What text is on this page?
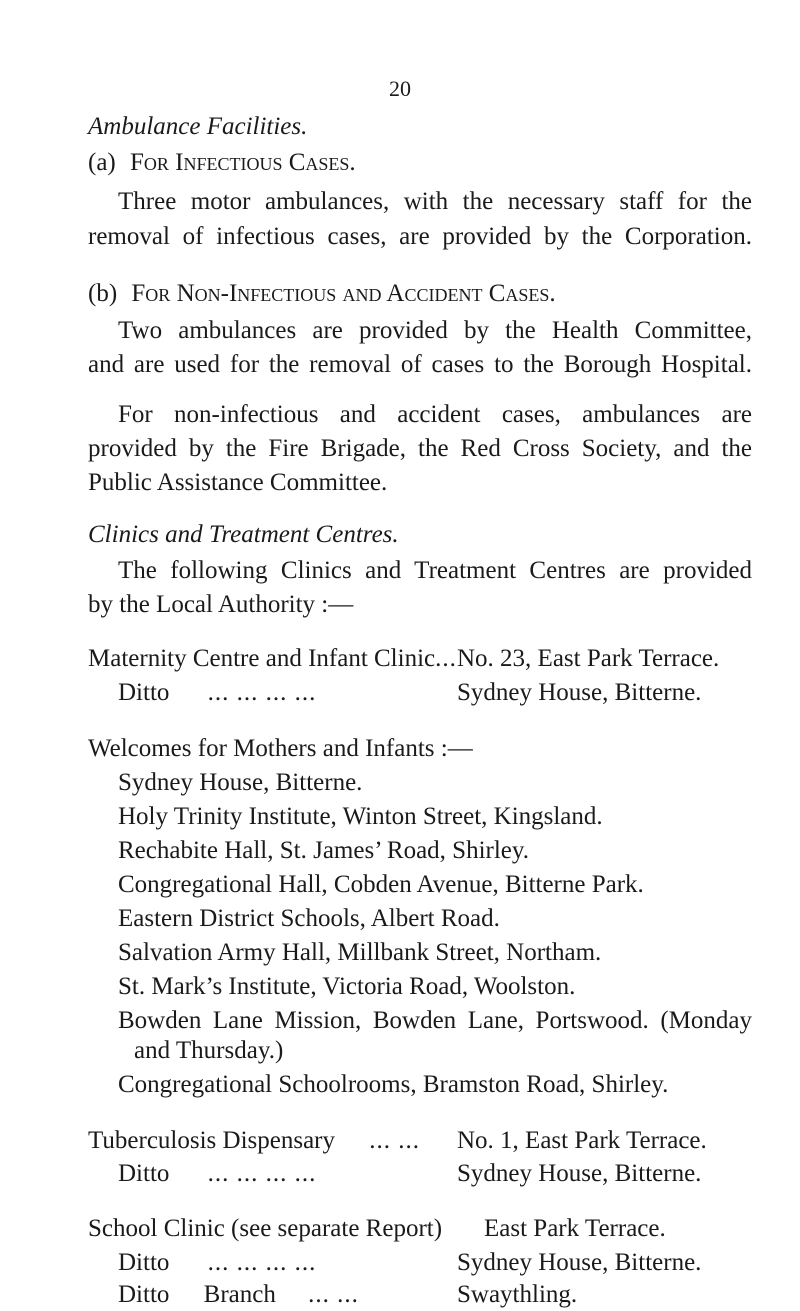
20
Ambulance Facilities.
(a) For Infectious Cases.
Three motor ambulances, with the necessary staff for the
removal of infectious cases, are provided by the Corporation.
(b) For Non-Infectious and Accident Cases.
Two ambulances are provided by the Health Committee,
and are used for the removal of cases to the Borough Hospital.
For non-infectious and accident cases, ambulances are
provided by the Fire Brigade, the Red Cross Society, and the
Public Assistance Committee.
Clinics and Treatment Centres.
The following Clinics and Treatment Centres are provided
by the Local Authority :—
Maternity Centre and Infant Clinic... No. 23, East Park Terrace.
Ditto ... ... ... ...	Sydney House, Bitterne.
Welcomes for Mothers and Infants :—
Sydney House, Bitterne.
Holy Trinity Institute, Winton Street, Kingsland.
Rechabite Hall, St. James’ Road, Shirley.
Congregational Hall, Cobden Avenue, Bitterne Park.
Eastern District Schools, Albert Road.
Salvation Army Hall, Millbank Street, Northam.
St. Mark’s Institute, Victoria Road, Woolston.
Bowden Lane Mission, Bowden Lane, Portswood. (Monday
and Thursday.)
Congregational Schoolrooms, Bramston Road, Shirley.
Tuberculosis Dispensary ... ... No. 1, East Park Terrace.
Ditto ... ... ... ...	Sydney House, Bitterne.
School Clinic (see separate Report) East Park Terrace.
Ditto ... ... ... ...	Sydney House, Bitterne.
Ditto Branch ... ...	Swaythling.
